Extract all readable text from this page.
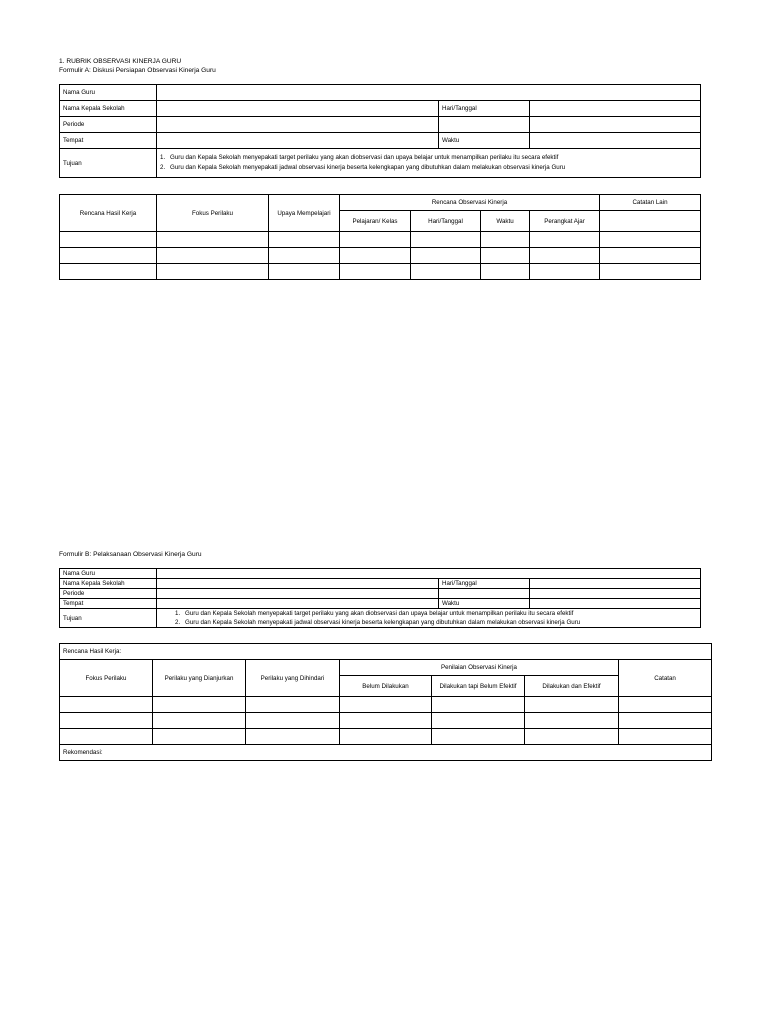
1. RUBRIK OBSERVASI KINERJA GURU
Formulir A: Diskusi Persiapan Observasi Kinerja Guru
Nama Guru			
Nama Kepala Sekolah		Hari/Tanggal	
Periode			
Tempat		Waktu	
Tujuan	1. Guru dan Kepala Sekolah menyepakati target perilaku yang akan diobservasi dan upaya belajar untuk menampilkan perilaku itu secara efektif
2. Guru dan Kepala Sekolah menyepakati jadwal observasi kinerja beserta kelengkapan yang dibutuhkan dalam melakukan observasi kinerja Guru		
Rencana Hasil Kerja	Fokus Perilaku	Upaya Mempelajari	Rencana Observasi Kinerja				Catatan Lain
			Pelajaran/ Kelas	Hari/Tanggal	Waktu	Perangkat Ajar	

Formulir B: Pelaksanaan Observasi Kinerja Guru
Nama Guru			
Nama Kepala Sekolah		Hari/Tanggal	
Periode			
Tempat		Waktu	
Tujuan	1. Guru dan Kepala Sekolah menyepakati target perilaku yang akan diobservasi dan upaya belajar untuk menampilkan perilaku itu secara efektif
2. Guru dan Kepala Sekolah menyepakati jadwal observasi kinerja beserta kelengkapan yang dibutuhkan dalam melakukan observasi kinerja Guru		
Rencana Hasil Kerja:						
Fokus Perilaku	Perilaku yang Dianjurkan	Perilaku yang Dihindari	Penilaian Observasi Kinerja			Catatan
			Belum Dilakukan	Dilakukan tapi Belum Efektif	Dilakukan dan Efektif	

Rekomendasi:						
